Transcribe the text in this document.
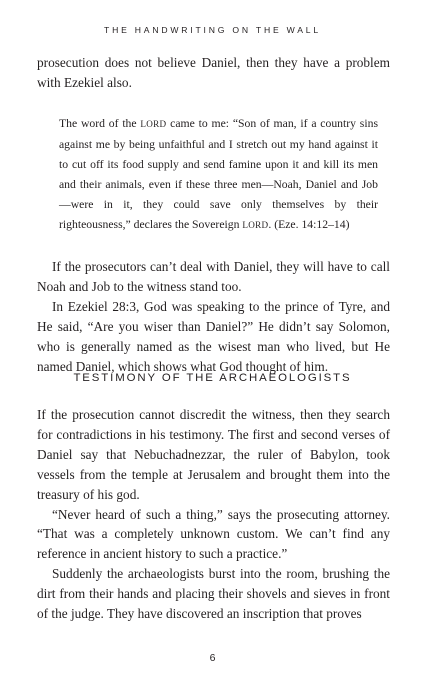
THE HANDWRITING ON THE WALL

prosecution does not believe Daniel, then they have a problem with Ezekiel also.

The word of the LORD came to me: “Son of man, if a country sins against me by being unfaithful and I stretch out my hand against it to cut off its food supply and send famine upon it and kill its men and their animals, even if these three men—Noah, Daniel and Job—were in it, they could save only themselves by their righteousness,” declares the Sovereign LORD. (Eze. 14:12–14)

If the prosecutors can’t deal with Daniel, they will have to call Noah and Job to the witness stand too.

In Ezekiel 28:3, God was speaking to the prince of Tyre, and He said, “Are you wiser than Daniel?” He didn’t say Solomon, who is generally named as the wisest man who lived, but He named Daniel, which shows what God thought of him.

TESTIMONY OF THE ARCHAEOLOGISTS

If the prosecution cannot discredit the witness, then they search for contradictions in his testimony. The first and second verses of Daniel say that Nebuchadnezzar, the ruler of Babylon, took vessels from the temple at Jerusalem and brought them into the treasury of his god.

“Never heard of such a thing,” says the prosecuting attorney. “That was a completely unknown custom. We can’t find any reference in ancient history to such a practice.”

Suddenly the archaeologists burst into the room, brushing the dirt from their hands and placing their shovels and sieves in front of the judge. They have discovered an inscription that proves

6
